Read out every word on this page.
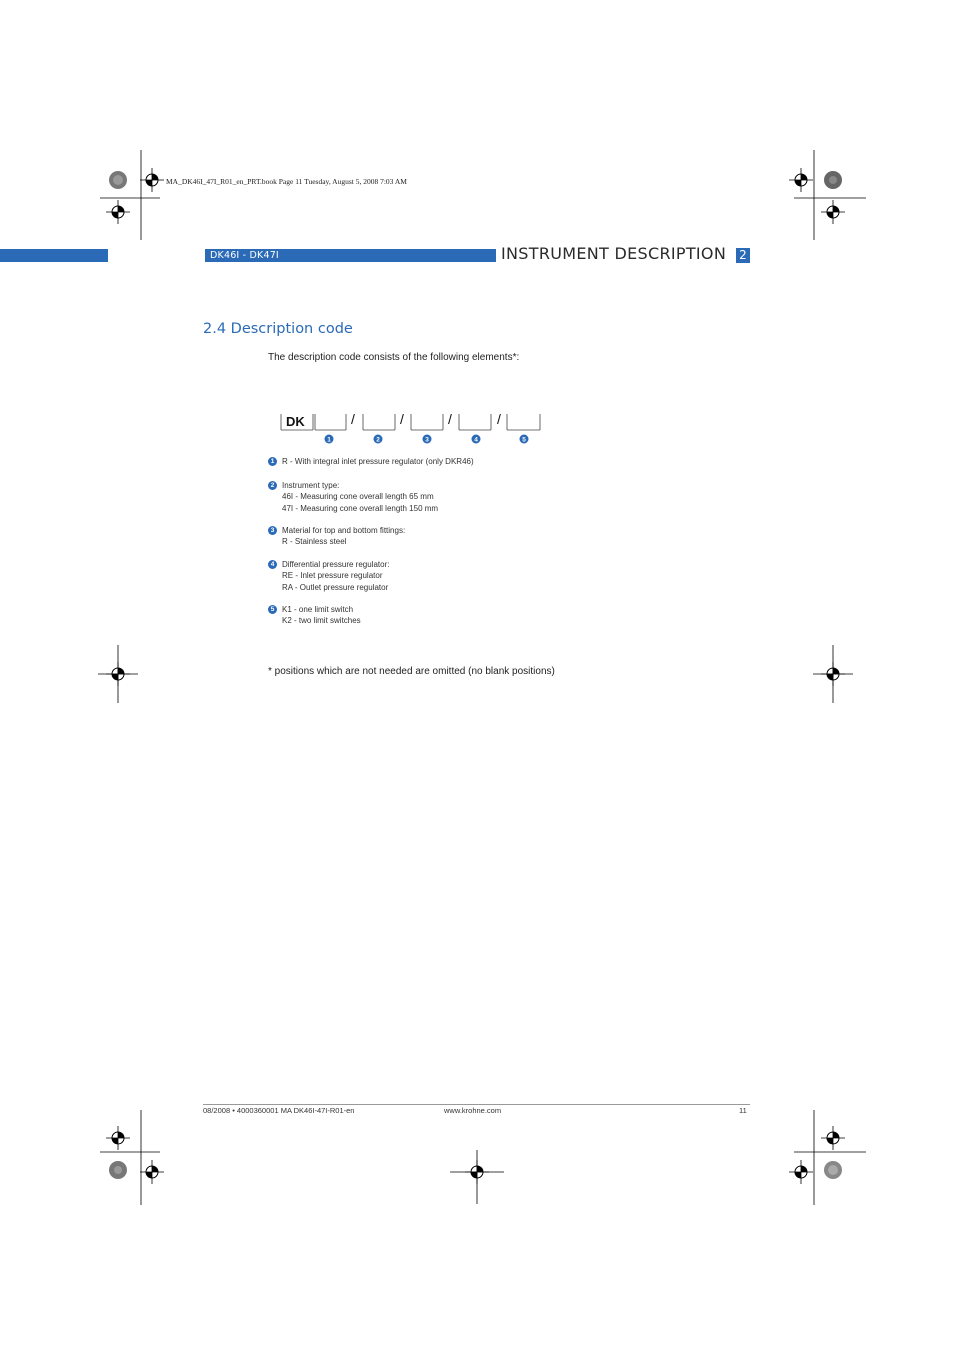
MA_DK46I_47I_R01_en_PRT.book Page 11 Tuesday, August 5, 2008 7:03 AM
DK46I - DK47I	INSTRUMENT DESCRIPTION 2
2.4 Description code
The description code consists of the following elements*:
DK	/	/	/	/
1	2	3	4	5
1 R - With integral inlet pressure regulator (only DKR46)
2 Instrument type:
46I - Measuring cone overall length 65 mm
47I - Measuring cone overall length 150 mm
3 Material for top and bottom fittings:
R - Stainless steel
4 Differential pressure regulator:
RE - Inlet pressure regulator
RA - Outlet pressure regulator
5 K1 - one limit switch
K2 - two limit switches
* positions which are not needed are omitted (no blank positions)
08/2008 • 4000360001 MA DK46I-47I-R01-en	www.krohne.com	11
